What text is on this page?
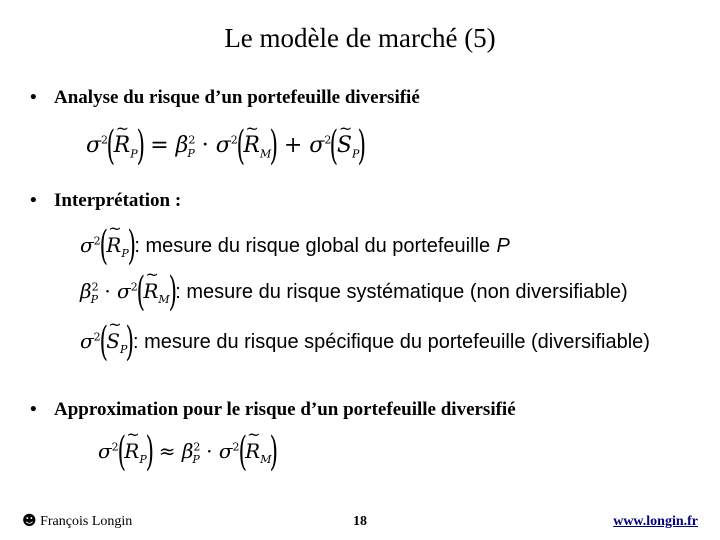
Le modèle de marché (5)
• Analyse du risque d’un portefeuille diversifié
$\sigma^2(\sim$ $R_P) = \beta^2_P$ · $\sigma^2(\sim$ $R_M$) + $\sigma^2(\sim$ $S_P$)
• Interprétation :
$\sigma^2(\sim$ $R_P$): mesure du risque global du portefeuille P
$\beta^2_P$ · $\sigma^2(\sim$ $R_M$): mesure du risque systématique (non diversifiable)
$\sigma^2(\sim$ $S_P$): mesure du risque spécifique du portefeuille (diversifiable)
• Approximation pour le risque d’un portefeuille diversifié
$\sigma^2(\sim$ $R_P) \approx \beta^2_P$ · $\sigma^2(\sim$ $R_M$)
☻ François Longin	18	www.longin.fr
